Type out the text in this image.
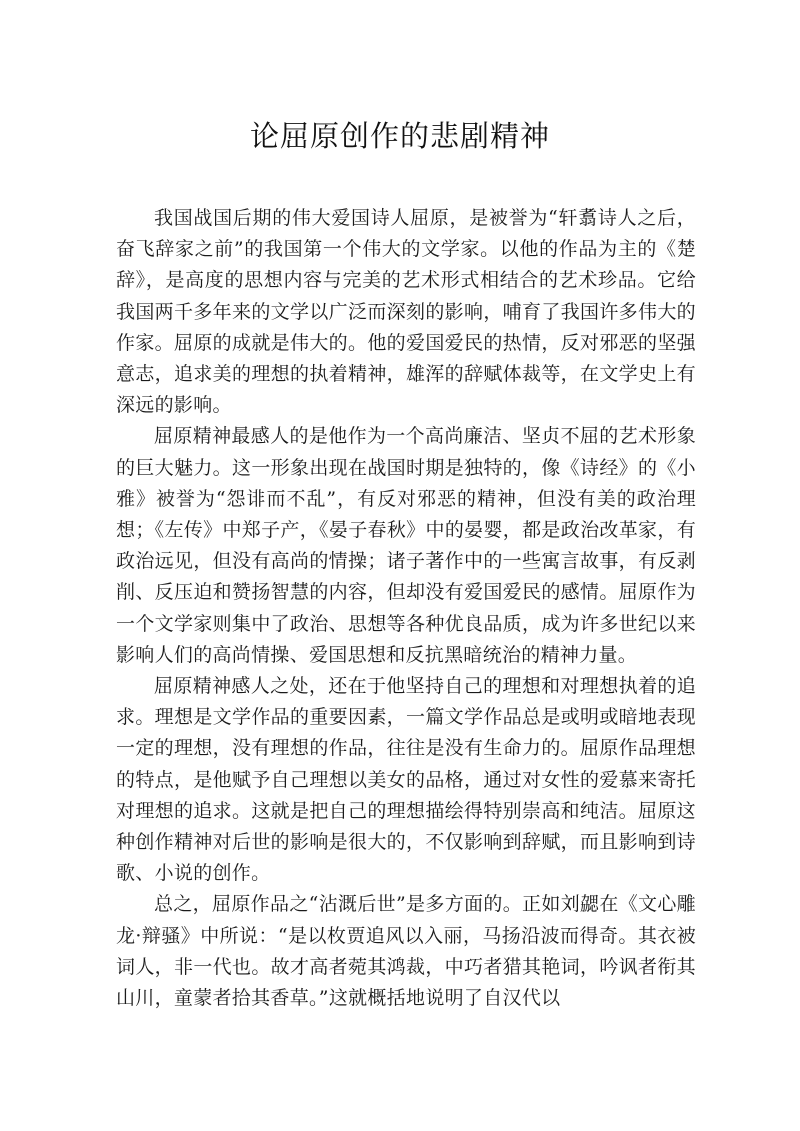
论屈原创作的悲剧精神

我国战国后期的伟大爱国诗人屈原，是被誉为“轩翥诗人之后，奋飞辞家之前”的我国第一个伟大的文学家。以他的作品为主的《楚辞》，是高度的思想内容与完美的艺术形式相结合的艺术珍品。它给我国两千多年来的文学以广泛而深刻的影响，哺育了我国许多伟大的作家。屈原的成就是伟大的。他的爱国爱民的热情，反对邪恶的坚强意志，追求美的理想的执着精神，雄浑的辞赋体裁等，在文学史上有深远的影响。

屈原精神最感人的是他作为一个高尚廉洁、坚贞不屈的艺术形象的巨大魅力。这一形象出现在战国时期是独特的，像《诗经》的《小雅》被誉为“怨诽而不乱”，有反对邪恶的精神，但没有美的政治理想；《左传》中郑子产，《晏子春秋》中的晏婴，都是政治改革家，有政治远见，但没有高尚的情操；诸子著作中的一些寓言故事，有反剥削、反压迫和赞扬智慧的内容，但却没有爱国爱民的感情。屈原作为一个文学家则集中了政治、思想等各种优良品质，成为许多世纪以来影响人们的高尚情操、爱国思想和反抗黑暗统治的精神力量。

屈原精神感人之处，还在于他坚持自己的理想和对理想执着的追求。理想是文学作品的重要因素，一篇文学作品总是或明或暗地表现一定的理想，没有理想的作品，往往是没有生命力的。屈原作品理想的特点，是他赋予自己理想以美女的品格，通过对女性的爱慕来寄托对理想的追求。这就是把自己的理想描绘得特别崇高和纯洁。屈原这种创作精神对后世的影响是很大的，不仅影响到辞赋，而且影响到诗歌、小说的创作。

总之，屈原作品之“沾溉后世”是多方面的。正如刘勰在《文心雕龙·辩骚》中所说：“是以枚贾追风以入丽，马扬沿波而得奇。其衣被词人，非一代也。故才高者菀其鸿裁，中巧者猎其艳词，吟讽者衔其山川，童蒙者拾其香草。”这就概括地说明了自汉代以
